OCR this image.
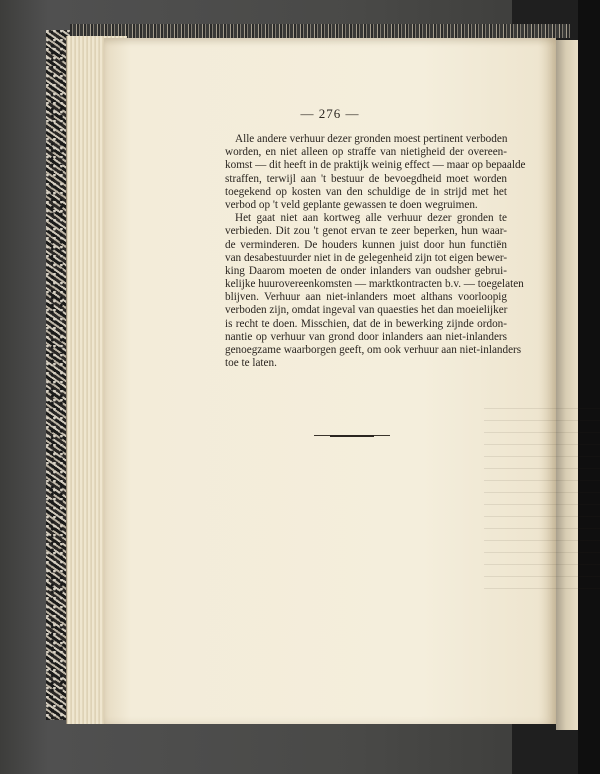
— 276 —
Alle andere verhuur dezer gronden moest pertinent verboden
worden, en niet alleen op straffe van nietigheid der overeen-
komst — dit heeft in de praktijk weinig effect — maar op bepaalde
straffen, terwijl aan 't bestuur de bevoegdheid moet worden
toegekend op kosten van den schuldige de in strijd met het
verbod op 't veld geplante gewassen te doen wegruimen.
Het gaat niet aan kortweg alle verhuur dezer gronden te
verbieden. Dit zou 't genot ervan te zeer beperken, hun waar-
de verminderen. De houders kunnen juist door hun functiën
van desabestuurder niet in de gelegenheid zijn tot eigen bewer-
king Daarom moeten de onder inlanders van oudsher gebrui-
kelijke huurovereenkomsten — marktkontracten b.v. — toegelaten
blijven. Verhuur aan niet-inlanders moet althans voorloopig
verboden zijn, omdat ingeval van quaesties het dan moeielijker
is recht te doen. Misschien, dat de in bewerking zijnde ordon-
nantie op verhuur van grond door inlanders aan niet-inlanders
genoegzame waarborgen geeft, om ook verhuur aan niet-inlanders
toe te laten.
